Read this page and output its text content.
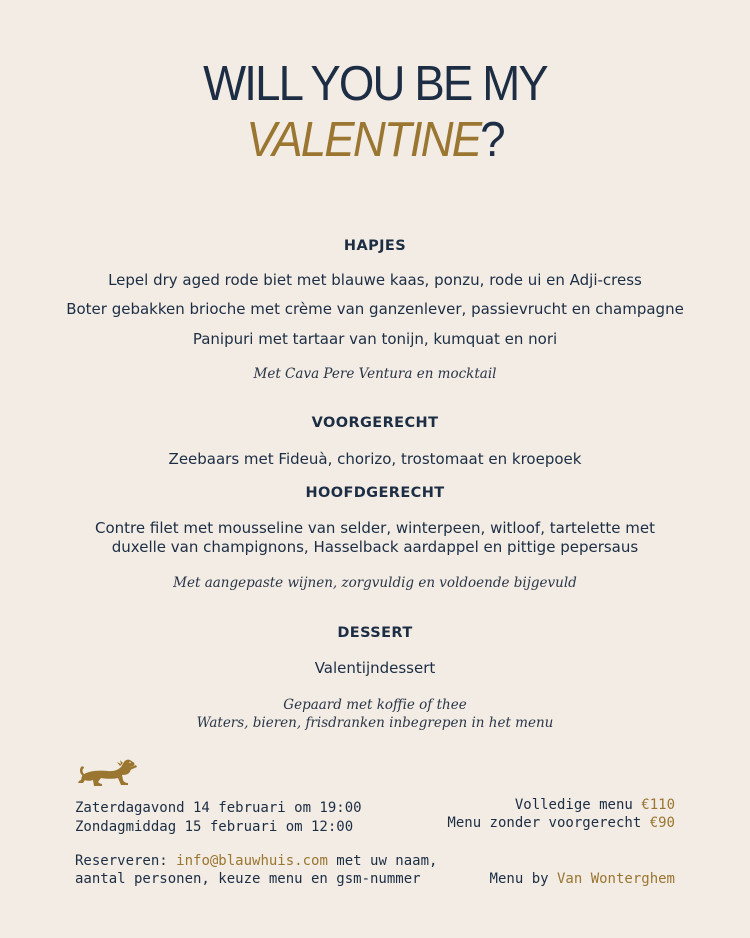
WILL YOU BE MY
VALENTINE?
HAPJES
Lepel dry aged rode biet met blauwe kaas, ponzu, rode ui en Adji-cress
Boter gebakken brioche met crème van ganzenlever, passievrucht en champagne
Panipuri met tartaar van tonijn, kumquat en nori
Met Cava Pere Ventura en mocktail
VOORGERECHT
Zeebaars met Fideuà, chorizo, trostomaat en kroepoek
HOOFDGERECHT
Contre filet met mousseline van selder, winterpeen, witloof, tartelette met duxelle van champignons, Hasselback aardappel en pittige pepersaus
Met aangepaste wijnen, zorgvuldig en voldoende bijgevuld
DESSERT
Valentijndessert
Gepaard met koffie of thee
Waters, bieren, frisdranken inbegrepen in het menu
Zaterdagavond 14 februari om 19:00
Zondagmiddag 15 februari om 12:00
Reserveren: info@blauwhuis.com met uw naam,
aantal personen, keuze menu en gsm-nummer
Volledige menu €110
Menu zonder voorgerecht €90
Menu by Van Wonterghem
